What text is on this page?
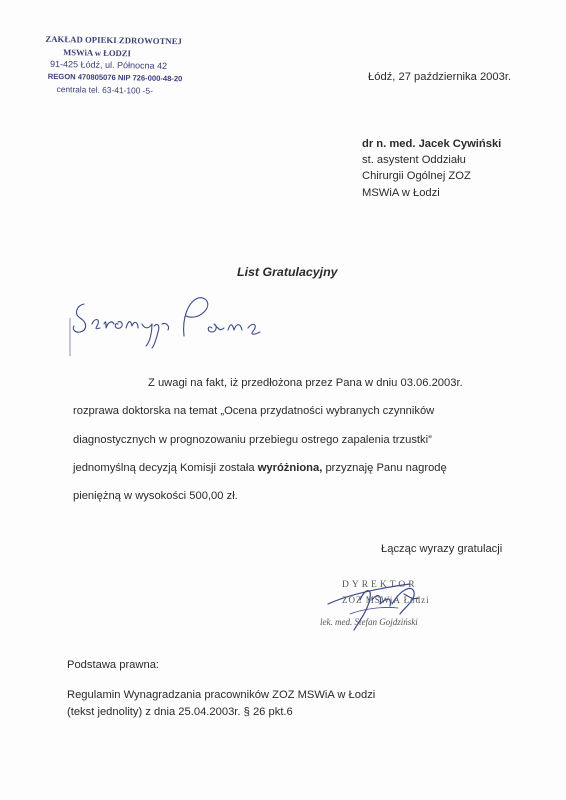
ZAKŁAD OPIEKI ZDROWOTNEJ
MSWiA w ŁODZI
91-425 Łódź, ul. Północna 42
REGON 470805076 NIP 726-000-48-20
centrala tel. 63-41-100 -5-
Łódź, 27 października 2003r.
dr n. med. Jacek Cywiński
st. asystent Oddziału
Chirurgii Ogólnej ZOZ
MSWiA w Łodzi
List Gratulacyjny
Z uwagi na fakt, iż przedłożona przez Pana w dniu 03.06.2003r.
rozprawa doktorska na temat „Ocena przydatności wybranych czynników
diagnostycznych w prognozowaniu przebiegu ostrego zapalenia trzustki”
jednomyślną decyzją Komisji została wyróżniona, przyznaję Panu nagrodę
pieniężną w wysokości 500,00 zł.
Łącząc wyrazy gratulacji
DYREKTOR
ZOZ MSWiA Łodzi
lek. med. Stefan Gojdziński
Podstawa prawna:
Regulamin Wynagradzania pracowników ZOZ MSWiA w Łodzi
(tekst jednolity) z dnia 25.04.2003r. § 26 pkt.6
